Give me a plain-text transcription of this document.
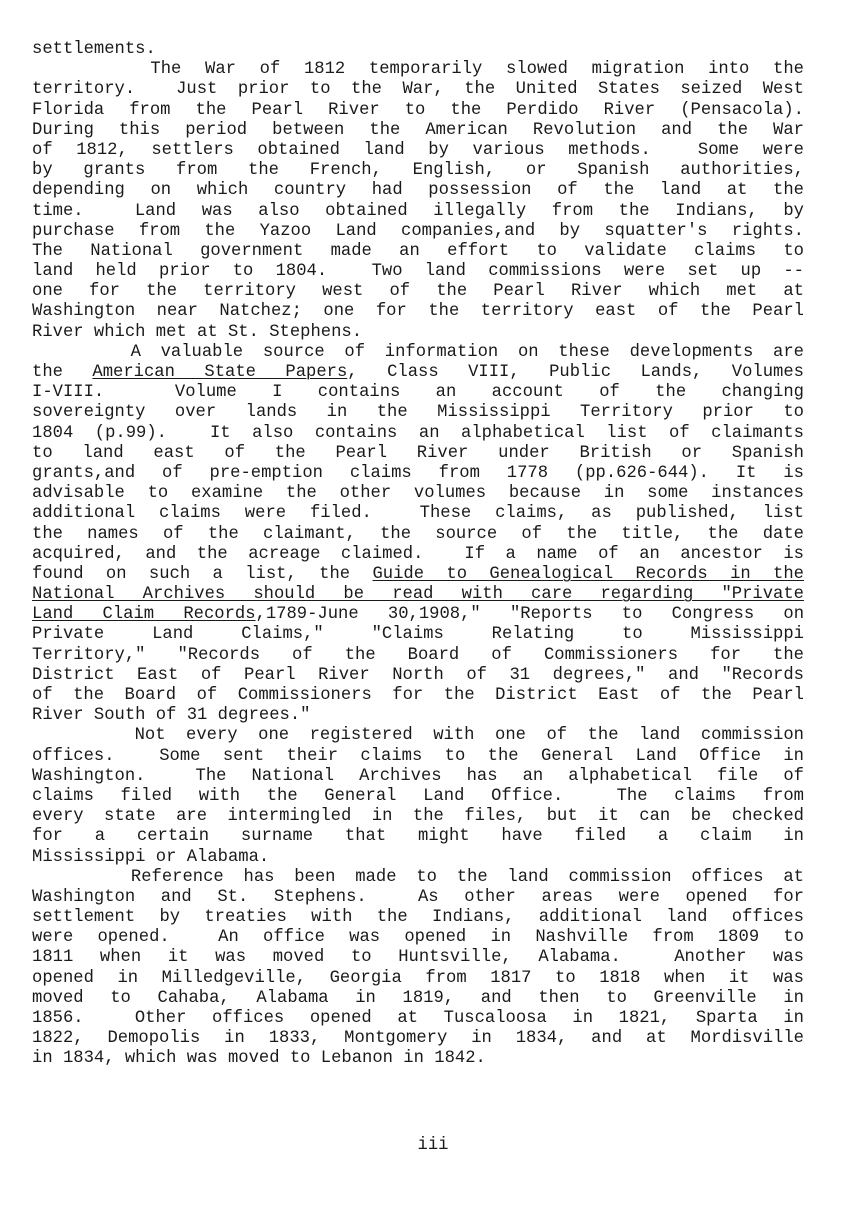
settlements.
The War of 1812 temporarily slowed migration into the
territory.  Just prior to the War, the United States seized West
Florida from the Pearl River to the Perdido River (Pensacola).
During this period between the American Revolution and the War
of 1812, settlers obtained land by various methods.  Some were
by grants from the French, English, or Spanish authorities,
depending on which country had possession of the land at the
time.  Land was also obtained illegally from the Indians, by
purchase from the Yazoo Land companies,and by squatter's rights.
The National government made an effort to validate claims to
land held prior to 1804.  Two land commissions were set up --
one for the territory west of the Pearl River which met at
Washington near Natchez; one for the territory east of the Pearl
River which met at St. Stephens.
A valuable source of information on these developments are
the American State Papers, Class VIII, Public Lands, Volumes
I-VIII.  Volume I contains an account of the changing
sovereignty over lands in the Mississippi Territory prior to
1804 (p.99).  It also contains an alphabetical list of claimants
to land east of the Pearl River under British or Spanish
grants,and of pre-emption claims from 1778 (pp.626-644). It is
advisable to examine the other volumes because in some instances
additional claims were filed.  These claims, as published, list
the names of the claimant, the source of the title, the date
acquired, and the acreage claimed.  If a name of an ancestor is
found on such a list, the Guide to Genealogical Records in the
National Archives should be read with care regarding "Private
Land Claim Records,1789-June 30,1908," "Reports to Congress on
Private Land Claims," "Claims Relating to Mississippi
Territory," "Records of the Board of Commissioners for the
District East of Pearl River North of 31 degrees," and "Records
of the Board of Commissioners for the District East of the Pearl
River South of 31 degrees."
Not every one registered with one of the land commission
offices.  Some sent their claims to the General Land Office in
Washington.  The National Archives has an alphabetical file of
claims filed with the General Land Office.  The claims from
every state are intermingled in the files, but it can be checked
for a certain surname that might have filed a claim in
Mississippi or Alabama.
Reference has been made to the land commission offices at
Washington and St. Stephens.  As other areas were opened for
settlement by treaties with the Indians, additional land offices
were opened.  An office was opened in Nashville from 1809 to
1811 when it was moved to Huntsville, Alabama.  Another was
opened in Milledgeville, Georgia from 1817 to 1818 when it was
moved to Cahaba, Alabama in 1819, and then to Greenville in
1856.  Other offices opened at Tuscaloosa in 1821, Sparta in
1822, Demopolis in 1833, Montgomery in 1834, and at Mordisville
in 1834, which was moved to Lebanon in 1842.
iii
